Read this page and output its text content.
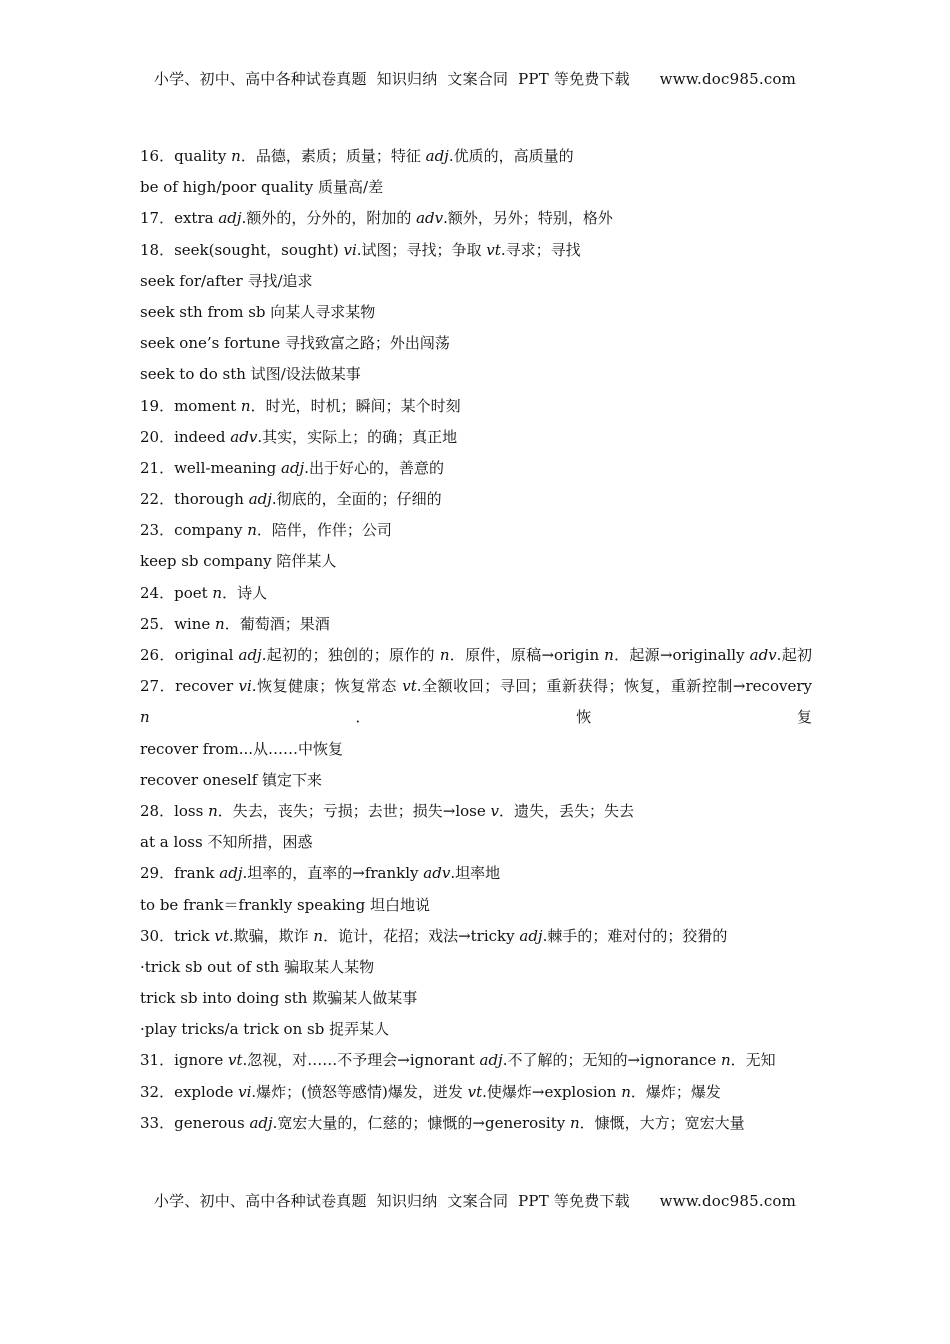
小学、初中、高中各种试卷真题  知识归纳  文案合同  PPT 等免费下载      www.doc985.com
16．quality n．品德，素质；质量；特征 adj.优质的，高质量的
be of high/poor quality 质量高/差
17．extra adj.额外的，分外的，附加的 adv.额外，另外；特别，格外
18．seek(sought，sought) vi.试图；寻找；争取 vt.寻求；寻找
seek for/after 寻找/追求
seek sth from sb 向某人寻求某物
seek one’s fortune 寻找致富之路；外出闯荡
seek to do sth 试图/设法做某事
19．moment n．时光，时机；瞬间；某个时刻
20．indeed adv.其实，实际上；的确；真正地
21．well-meaning adj.出于好心的，善意的
22．thorough adj.彻底的，全面的；仔细的
23．company n．陪伴，作伴；公司
keep sb company 陪伴某人
24．poet n．诗人
25．wine n．葡萄酒；果酒
26．original adj.起初的；独创的；原作的 n．原件，原稿→origin n．起源→originally adv.起初
27．recover vi.恢复健康；恢复常态 vt.全额收回；寻回；重新获得；恢复，重新控制→recovery n．恢复
recover from...从……中恢复
recover oneself 镇定下来
28．loss n．失去，丧失；亏损；去世；损失→lose v．遗失，丢失；失去
at a loss 不知所措，困惑
29．frank adj.坦率的，直率的→frankly adv.坦率地
to be frank＝frankly speaking 坦白地说
30．trick vt.欺骗，欺诈 n．诡计，花招；戏法→tricky adj.棘手的；难对付的；狡猾的
·trick sb out of sth 骗取某人某物
trick sb into doing sth 欺骗某人做某事
·play tricks/a trick on sb 捉弄某人
31．ignore vt.忽视，对……不予理会→ignorant adj.不了解的；无知的→ignorance n．无知
32．explode vi.爆炸；(愤怒等感情)爆发，迸发 vt.使爆炸→explosion n．爆炸；爆发
33．generous adj.宽宏大量的，仁慈的；慷慨的→generosity n．慷慨，大方；宽宏大量
小学、初中、高中各种试卷真题  知识归纳  文案合同  PPT 等免费下载      www.doc985.com
